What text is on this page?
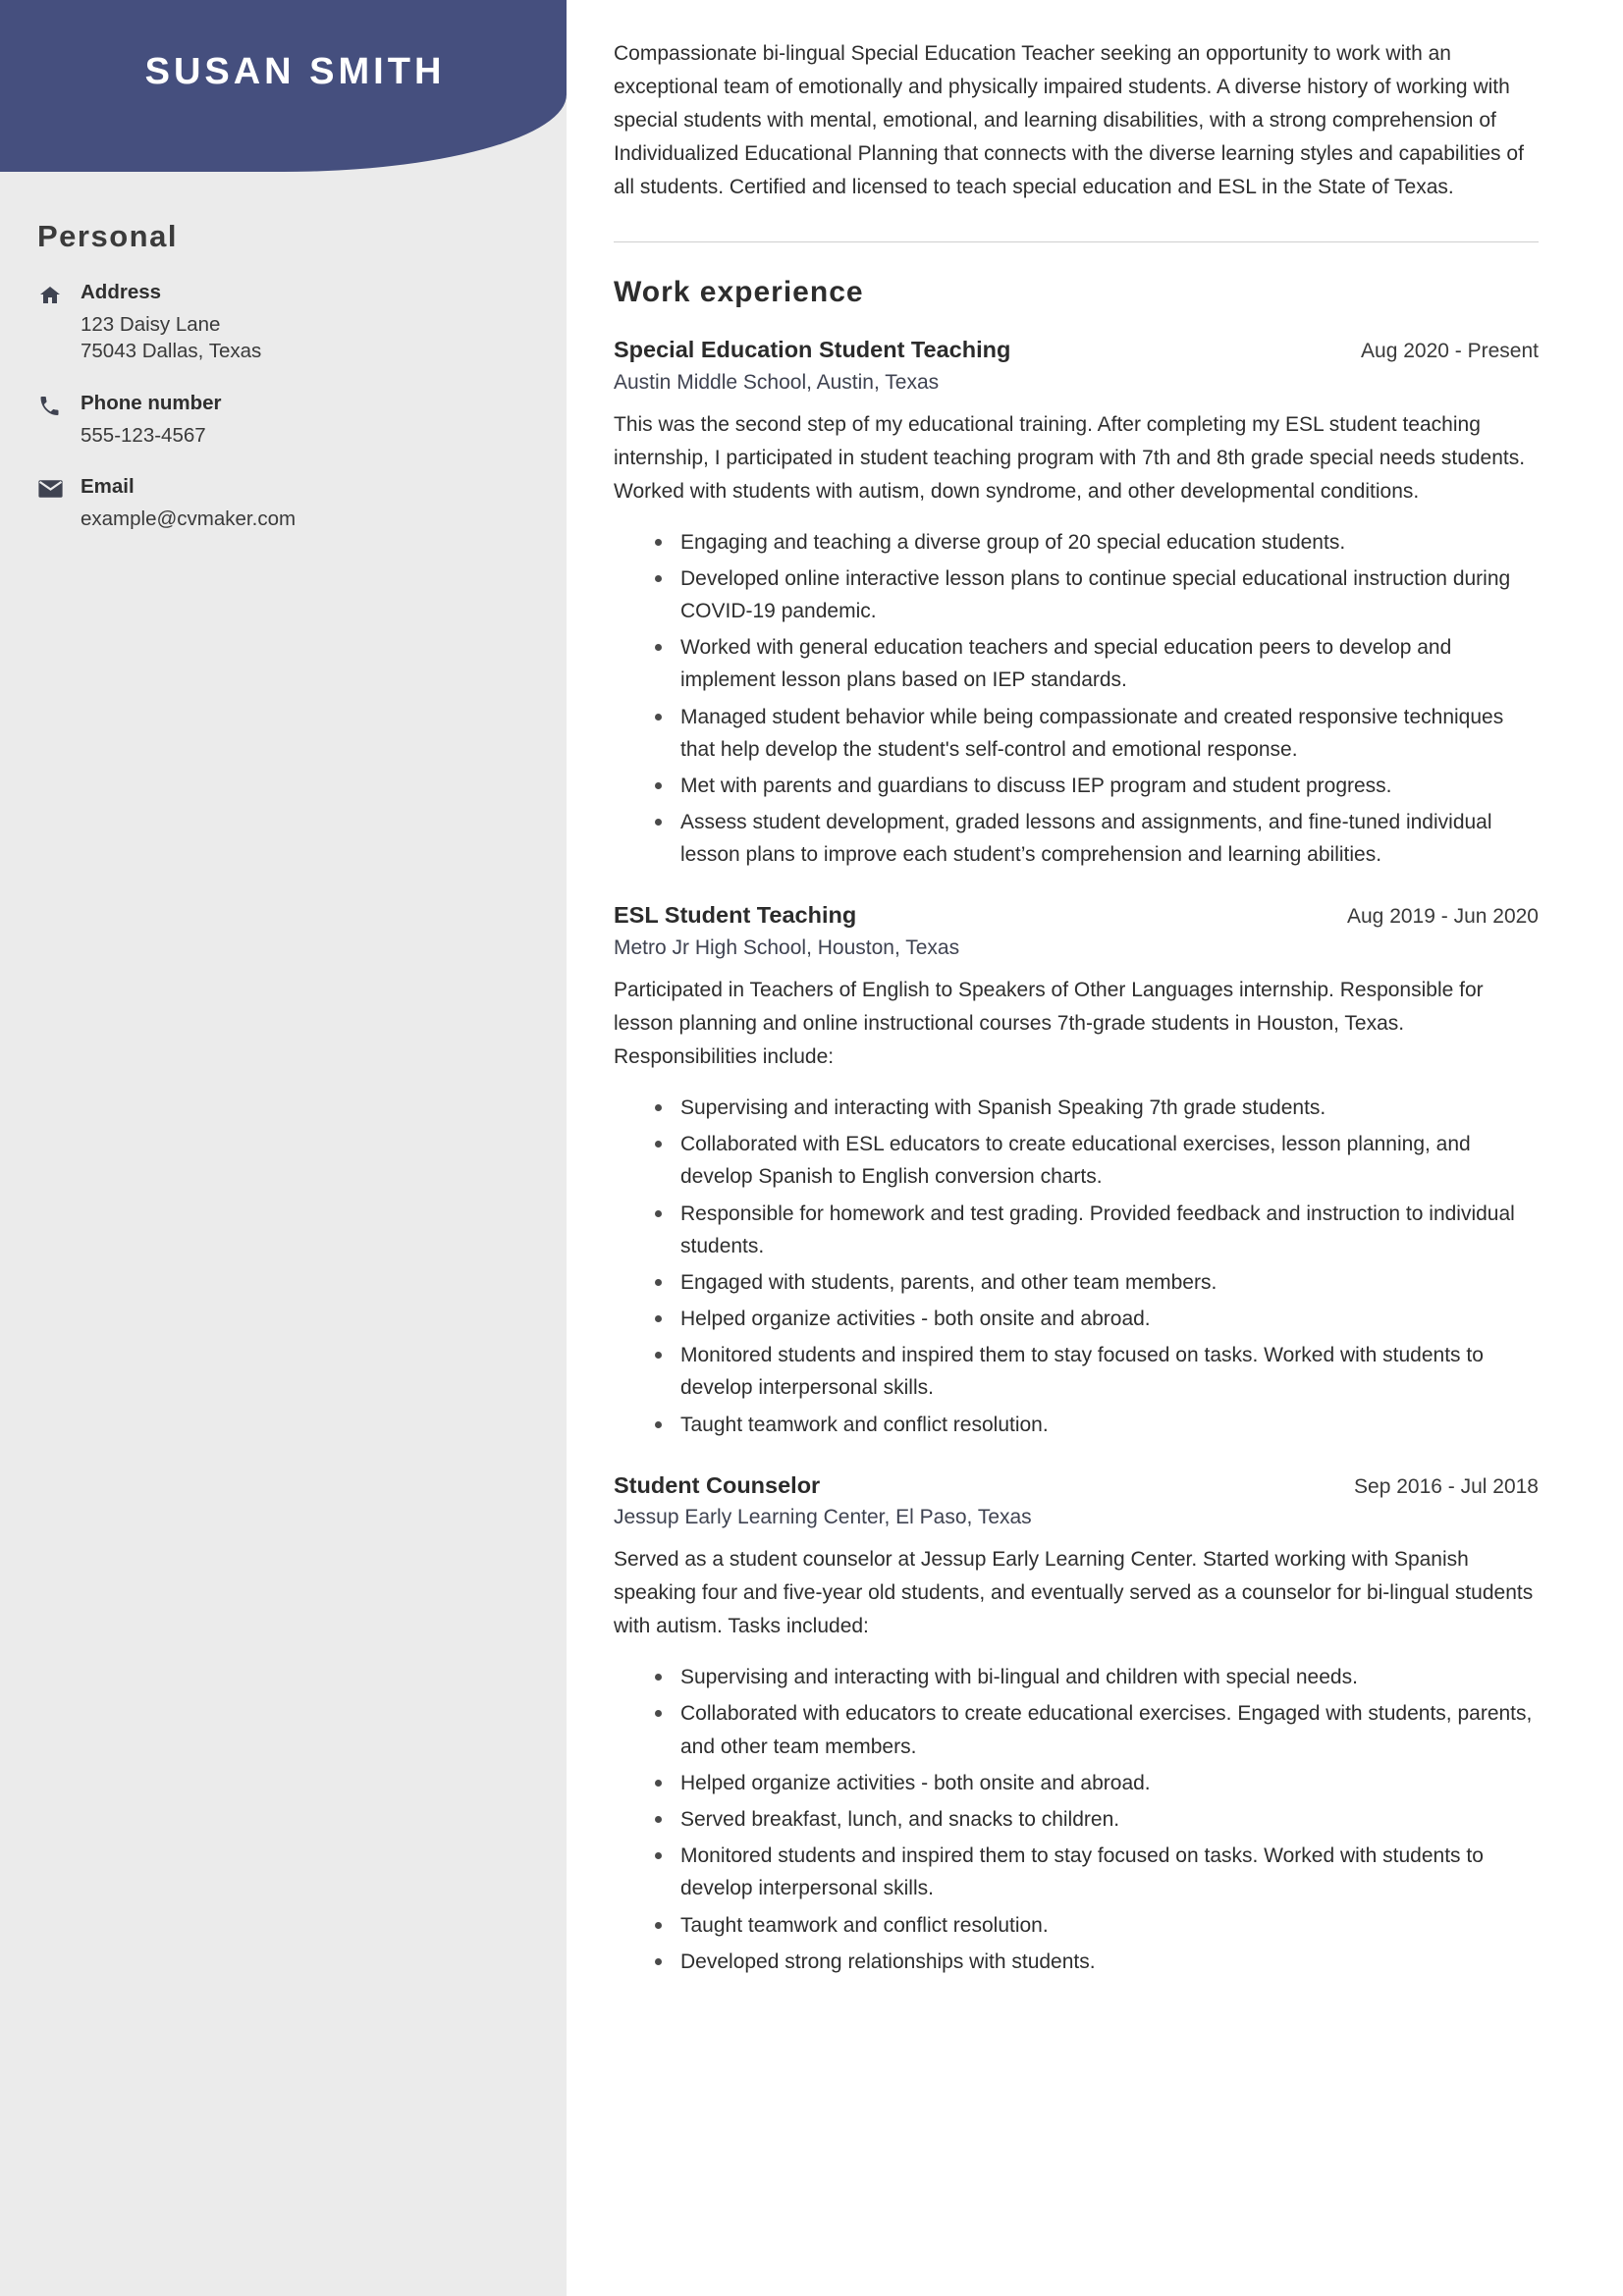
SUSAN SMITH
Personal
Address
123 Daisy Lane
75043 Dallas, Texas
Phone number
555-123-4567
Email
example@cvmaker.com

Compassionate bi-lingual Special Education Teacher seeking an opportunity to work with an exceptional team of emotionally and physically impaired students. A diverse history of working with special students with mental, emotional, and learning disabilities, with a strong comprehension of Individualized Educational Planning that connects with the diverse learning styles and capabilities of all students. Certified and licensed to teach special education and ESL in the State of Texas.

Work experience
Special Education Student Teaching	Aug 2020 - Present
Austin Middle School, Austin, Texas

This was the second step of my educational training. After completing my ESL student teaching internship, I participated in student teaching program with 7th and 8th grade special needs students. Worked with students with autism, down syndrome, and other developmental conditions.

Engaging and teaching a diverse group of 20 special education students.
Developed online interactive lesson plans to continue special educational instruction during COVID-19 pandemic.
Worked with general education teachers and special education peers to develop and implement lesson plans based on IEP standards.
Managed student behavior while being compassionate and created responsive techniques that help develop the student's self-control and emotional response.
Met with parents and guardians to discuss IEP program and student progress.
Assess student development, graded lessons and assignments, and fine-tuned individual lesson plans to improve each student’s comprehension and learning abilities.
ESL Student Teaching	Aug 2019 - Jun 2020
Metro Jr High School, Houston, Texas

Participated in Teachers of English to Speakers of Other Languages internship. Responsible for lesson planning and online instructional courses 7th-grade students in Houston, Texas. Responsibilities include:

Supervising and interacting with Spanish Speaking 7th grade students.
Collaborated with ESL educators to create educational exercises, lesson planning, and develop Spanish to English conversion charts.
Responsible for homework and test grading. Provided feedback and instruction to individual students.
Engaged with students, parents, and other team members.
Helped organize activities - both onsite and abroad.
Monitored students and inspired them to stay focused on tasks. Worked with students to develop interpersonal skills.
Taught teamwork and conflict resolution.
Student Counselor	Sep 2016 - Jul 2018
Jessup Early Learning Center, El Paso, Texas

Served as a student counselor at Jessup Early Learning Center. Started working with Spanish speaking four and five-year old students, and eventually served as a counselor for bi-lingual students with autism. Tasks included:

Supervising and interacting with bi-lingual and children with special needs.
Collaborated with educators to create educational exercises. Engaged with students, parents, and other team members.
Helped organize activities - both onsite and abroad.
Served breakfast, lunch, and snacks to children.
Monitored students and inspired them to stay focused on tasks. Worked with students to develop interpersonal skills.
Taught teamwork and conflict resolution.
Developed strong relationships with students.
